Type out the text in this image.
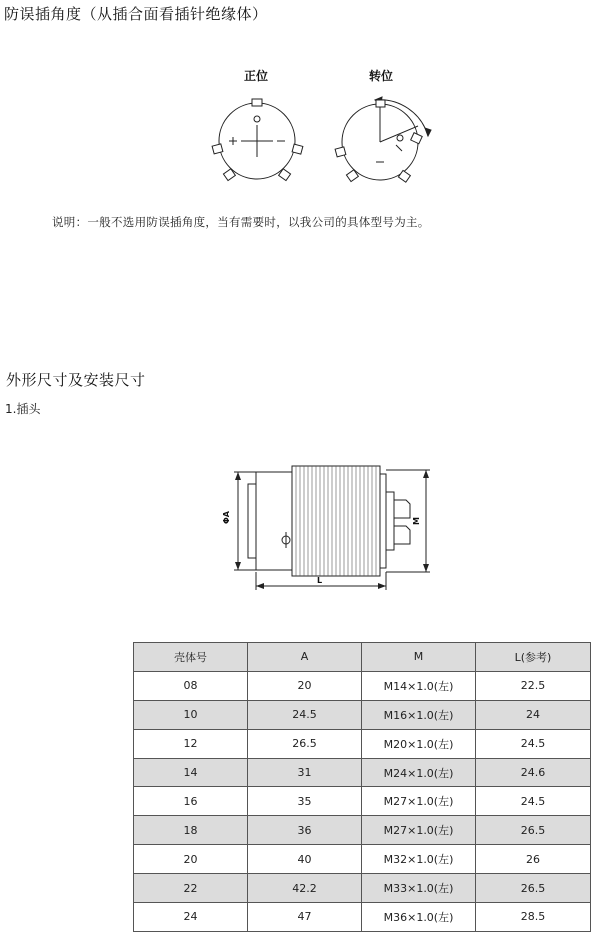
防误插角度（从插合面看插针绝缘体）
正位	转位
说明：一般不选用防误插角度，当有需要时，以我公司的具体型号为主。
外形尺寸及安装尺寸
1.插头
ΦA	M
L
壳体号	A	M	L(参考)
08	20	M14×1.0(左)	22.5
10	24.5	M16×1.0(左)	24
12	26.5	M20×1.0(左)	24.5
14	31	M24×1.0(左)	24.6
16	35	M27×1.0(左)	24.5
18	36	M27×1.0(左)	26.5
20	40	M32×1.0(左)	26
22	42.2	M33×1.0(左)	26.5
24	47	M36×1.0(左)	28.5
